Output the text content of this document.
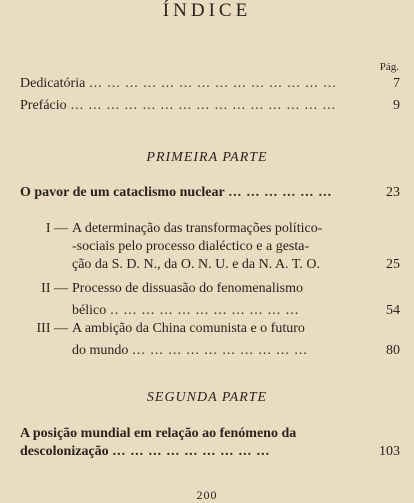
ÍNDICE
Pág.
Dedicatória ... ... ... ... ... ... ... ... ... ... ... ... ... ...	7
Prefácio ... ... ... ... ... ... ... ... ... ... ... ... ... ... ...	9
PRIMEIRA PARTE
O pavor de um cataclismo nuclear ... ... ... ... ... ...	23
I — A determinação das transformações político-
-sociais pelo processo dialéctico e a gesta-
ção da S. D. N., da O. N. U. e da N. A. T. O.	25
II — Processo de dissuasão do fenomenalismo
bélico .. ... ... ... ... ... ... ... ... ... ...	54
III — A ambição da China comunista e o futuro
do mundo ... ... ... ... ... ... ... ... ... ...	80
SEGUNDA PARTE
A posição mundial em relação ao fenómeno da
descolonização ... ... ... ... ... ... ... ... ...	103
200
